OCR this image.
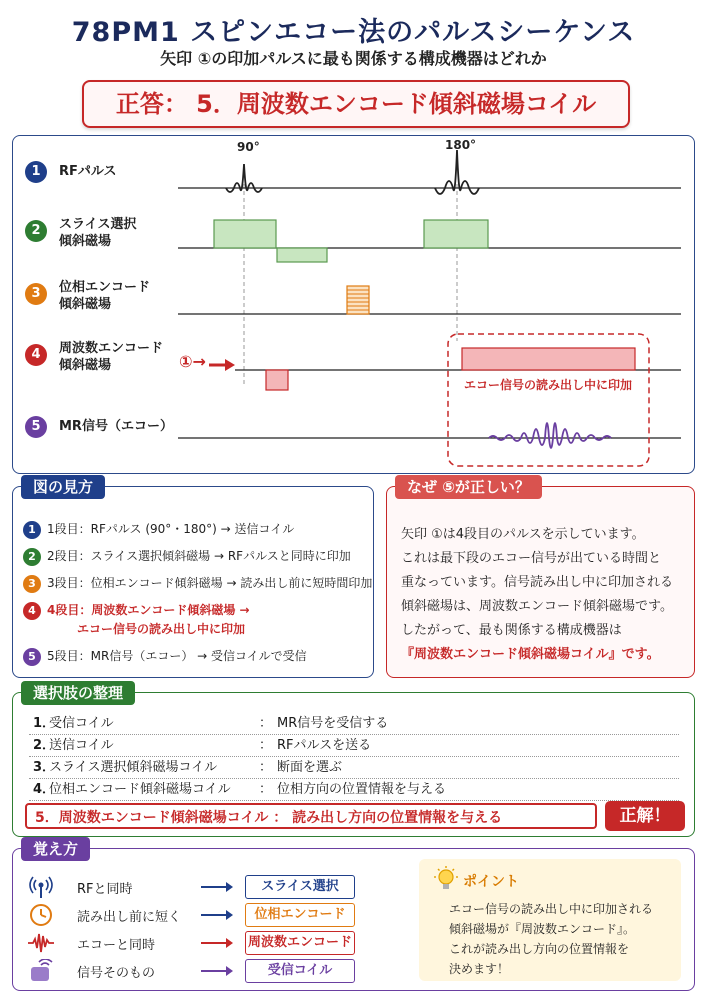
78PM1 スピンエコー法のパルスシーケンス
矢印 ①の印加パルスに最も関係する構成機器はどれか
正答： 5．周波数エンコード傾斜磁場コイル
90°	180°
1	RFパルス
2	スライス選択
傾斜磁場
3	位相エンコード
傾斜磁場
4	周波数エンコード
傾斜磁場
5	MR信号（エコー）
①→
エコー信号の読み出し中に印加
図の見方
1 1段目：RFパルス (90°・180°) → 送信コイル
2 2段目：スライス選択傾斜磁場 → RFパルスと同時に印加
3 3段目：位相エンコード傾斜磁場 → 読み出し前に短時間印加
4 4段目：周波数エンコード傾斜磁場 →
エコー信号の読み出し中に印加
5 5段目：MR信号（エコー） → 受信コイルで受信
なぜ ⑤が正しい？
矢印 ①は4段目のパルスを示しています。
これは最下段のエコー信号が出ている時間と
重なっています。信号読み出し中に印加される
傾斜磁場は、周波数エンコード傾斜磁場です。
したがって、最も関係する構成機器は
『周波数エンコード傾斜磁場コイル』です。
選択肢の整理
1．
受信コイル	： MR信号を受信する
2．
送信コイル	： RFパルスを送る
3．
スライス選択傾斜磁場コイル	： 断面を選ぶ
4．
位相エンコード傾斜磁場コイル ： 位相方向の位置情報を与える
5．周波数エンコード傾斜磁場コイル ： 読み出し方向の位置情報を与える	正解！
覚え方
RFと同時	スライス選択
読み出し前に短く	位相エンコード
エコーと同時	周波数エンコード
信号そのもの	受信コイル
ポイント
エコー信号の読み出し中に印加される
傾斜磁場が『周波数エンコード』。
これが読み出し方向の位置情報を
決めます！
